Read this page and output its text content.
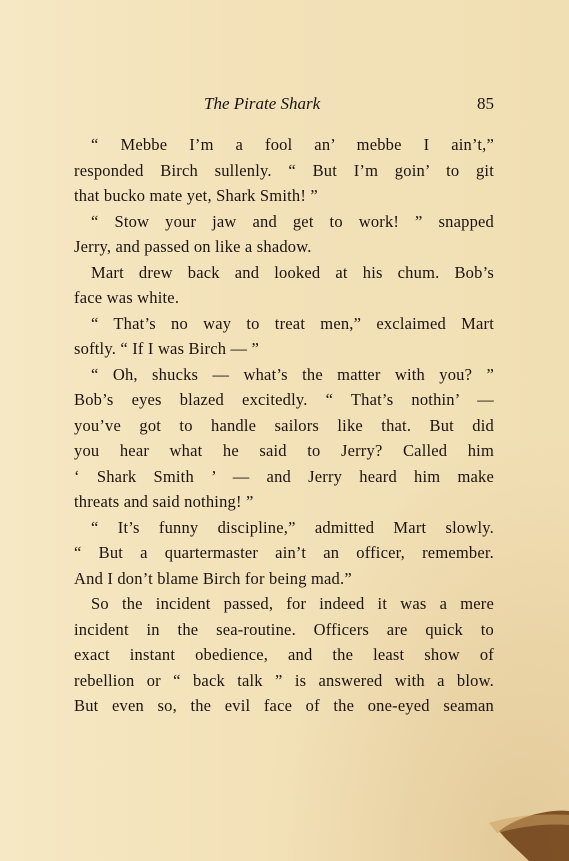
The Pirate Shark	85
“ Mebbe I’m a fool an’ mebbe I ain’t,”
responded Birch sullenly. “ But I’m goin’ to git
that bucko mate yet, Shark Smith! ”
“ Stow your jaw and get to work! ” snapped
Jerry, and passed on like a shadow.
Mart drew back and looked at his chum. Bob’s
face was white.
“ That’s no way to treat men,” exclaimed Mart
softly. “ If I was Birch — ”
“ Oh, shucks — what’s the matter with you? ”
Bob’s eyes blazed excitedly. “ That’s nothin’ —
you’ve got to handle sailors like that. But did
you hear what he said to Jerry? Called him
‘ Shark Smith ’ — and Jerry heard him make
threats and said nothing! ”
“ It’s funny discipline,” admitted Mart slowly.
“ But a quartermaster ain’t an officer, remember.
And I don’t blame Birch for being mad.”
So the incident passed, for indeed it was a mere
incident in the sea-routine. Officers are quick to
exact instant obedience, and the least show of
rebellion or “ back talk ” is answered with a blow.
But even so, the evil face of the one-eyed seaman
